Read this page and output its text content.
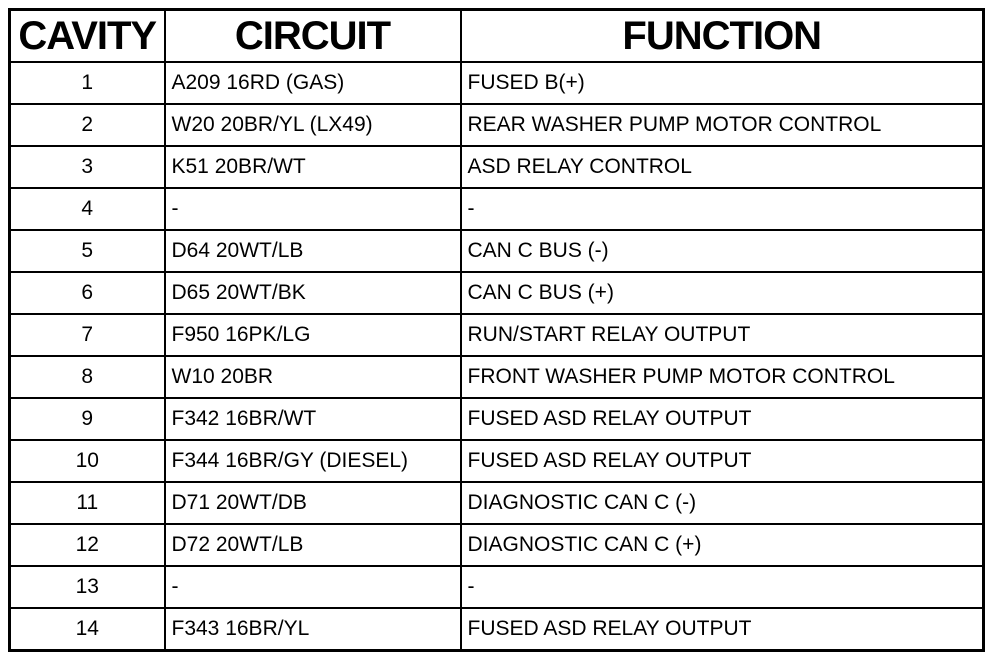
CAVITY	CIRCUIT	FUNCTION
1	A209 16RD (GAS)	FUSED B(+)
2	W20 20BR/YL (LX49)	REAR WASHER PUMP MOTOR CONTROL
3	K51 20BR/WT	ASD RELAY CONTROL
4	-	-
5	D64 20WT/LB	CAN C BUS (-)
6	D65 20WT/BK	CAN C BUS (+)
7	F950 16PK/LG	RUN/START RELAY OUTPUT
8	W10 20BR	FRONT WASHER PUMP MOTOR CONTROL
9	F342 16BR/WT	FUSED ASD RELAY OUTPUT
10	F344 16BR/GY (DIESEL)	FUSED ASD RELAY OUTPUT
11	D71 20WT/DB	DIAGNOSTIC CAN C (-)
12	D72 20WT/LB	DIAGNOSTIC CAN C (+)
13	-	-
14	F343 16BR/YL	FUSED ASD RELAY OUTPUT
